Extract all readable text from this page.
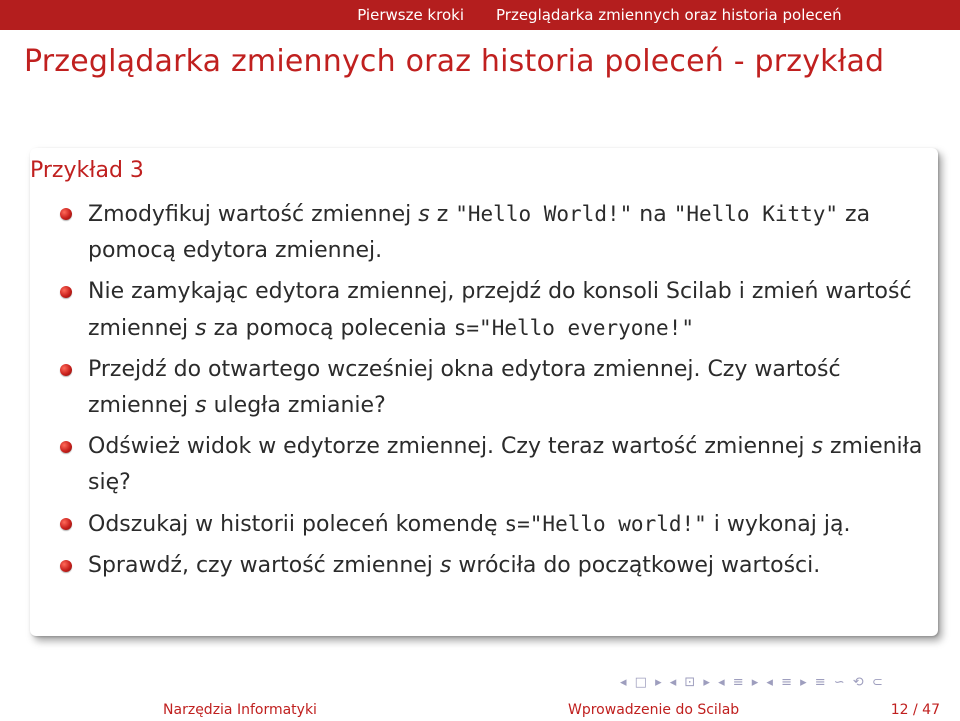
Pierwsze kroki Przeglądarka zmiennych oraz historia poleceń
Przeglądarka zmiennych oraz historia poleceń - przykład
Przykład 3
Zmodyfikuj wartość zmiennej s z "Hello World!" na "Hello Kitty" za pomocą edytora zmiennej.
Nie zamykając edytora zmiennej, przejdź do konsoli Scilab i zmień wartość zmiennej s za pomocą polecenia s="Hello everyone!"
Przejdź do otwartego wcześniej okna edytora zmiennej. Czy wartość zmiennej s uległa zmianie?
Odśwież widok w edytorze zmiennej. Czy teraz wartość zmiennej s zmieniła się?
Odszukaj w historii poleceń komendę s="Hello world!" i wykonaj ją.
Sprawdź, czy wartość zmiennej s wróciła do początkowej wartości.
◂ □ ▸ ◂ ⊡ ▸ ◂ ≡ ▸ ◂ ≡ ▸ ≡ ∽ ⟲ ⊂
Narzędzia Informatyki	Wprowadzenie do Scilab	12 / 47
